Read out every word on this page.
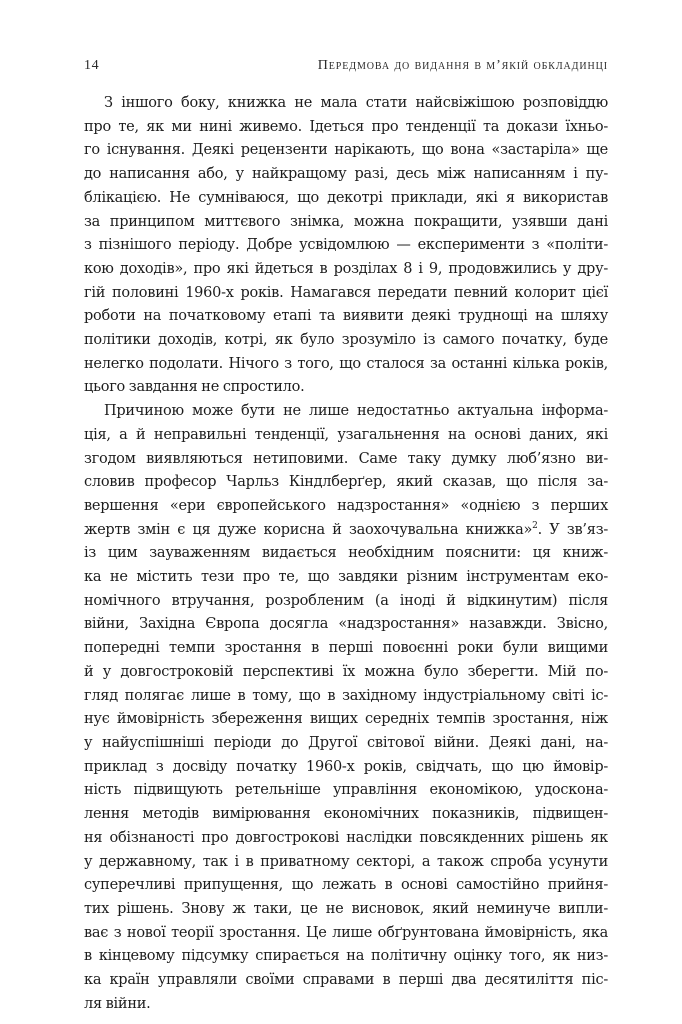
14	Передмова до видання в м’якій обкладинці

З іншого боку, книжка не мала стати найсвіжішою розповіддю
про те, як ми нині живемо. Ідеться про тенденції та докази їхньо-
го існування. Деякі рецензенти нарікають, що вона «застаріла» ще
до написання або, у найкращому разі, десь між написанням і пу-
блікацією. Не сумніваюся, що декотрі приклади, які я використав
за принципом миттєвого знімка, можна покращити, узявши дані
з пізнішого періоду. Добре усвідомлюю — експерименти з «політи-
кою доходів», про які йдеться в розділах 8 і 9, продовжились у дру-
гій половині 1960-х років. Намагався передати певний колорит цієї
роботи на початковому етапі та виявити деякі труднощі на шляху
політики доходів, котрі, як було зрозуміло із самого початку, буде
нелегко подолати. Нічого з того, що сталося за останні кілька років,
цього завдання не спростило.

Причиною може бути не лише недостатньо актуальна інформа-
ція, а й неправильні тенденції, узагальнення на основі даних, які
згодом виявляються нетиповими. Саме таку думку люб’язно ви-
словив професор Чарльз Кіндлберґер, який сказав, що після за-
вершення «ери європейського надзростання» «однією з перших
жертв змін є ця дуже корисна й заохочувальна книжка»$^2$. У зв’яз-
із цим зауваженням видається необхідним пояснити: ця книж-
ка не містить тези про те, що завдяки різним інструментам еко-
номічного втручання, розробленим (а іноді й відкинутим) після
війни, Західна Європа досягла «надзростання» назавжди. Звісно,
попередні темпи зростання в перші повоєнні роки були вищими
й у довгостроковій перспективі їх можна було зберегти. Мій по-
гляд полягає лише в тому, що в західному індустріальному світі іс-
нує ймовірність збереження вищих середніх темпів зростання, ніж
у найуспішніші періоди до Другої світової війни. Деякі дані, на-
приклад з досвіду початку 1960-х років, свідчать, що цю ймовір-
ність підвищують ретельніше управління економікою, удоскона-
лення методів вимірювання економічних показників, підвищен-
ня обізнаності про довгострокові наслідки повсякденних рішень як
у державному, так і в приватному секторі, а також спроба усунути
суперечливі припущення, що лежать в основі самостійно прийня-
тих рішень. Знову ж таки, це не висновок, який неминуче випли-
ває з нової теорії зростання. Це лише обґрунтована ймовірність, яка
в кінцевому підсумку спирається на політичну оцінку того, як низ-
ка країн управляли своїми справами в перші два десятиліття піс-
ля війни.
